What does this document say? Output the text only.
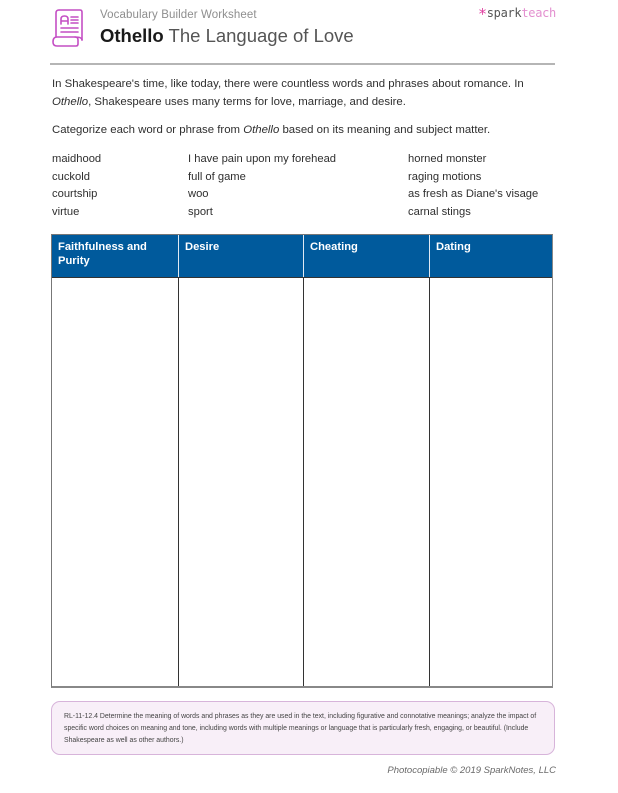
Vocabulary Builder Worksheet
Othello The Language of Love
*sparkteach
In Shakespeare's time, like today, there were countless words and phrases about romance. In Othello, Shakespeare uses many terms for love, marriage, and desire.
Categorize each word or phrase from Othello based on its meaning and subject matter.
maidhood
cuckold
courtship
virtue
I have pain upon my forehead
full of game
woo
sport
horned monster
raging motions
as fresh as Diane's visage
carnal stings
Faithfulness and Purity
Desire	Cheating	Dating
RL-11-12.4 Determine the meaning of words and phrases as they are used in the text, including figurative and connotative meanings; analyze the impact of specific word choices on meaning and tone, including words with multiple meanings or language that is particularly fresh, engaging, or beautiful. (Include Shakespeare as well as other authors.)
Photocopiable © 2019 SparkNotes, LLC
